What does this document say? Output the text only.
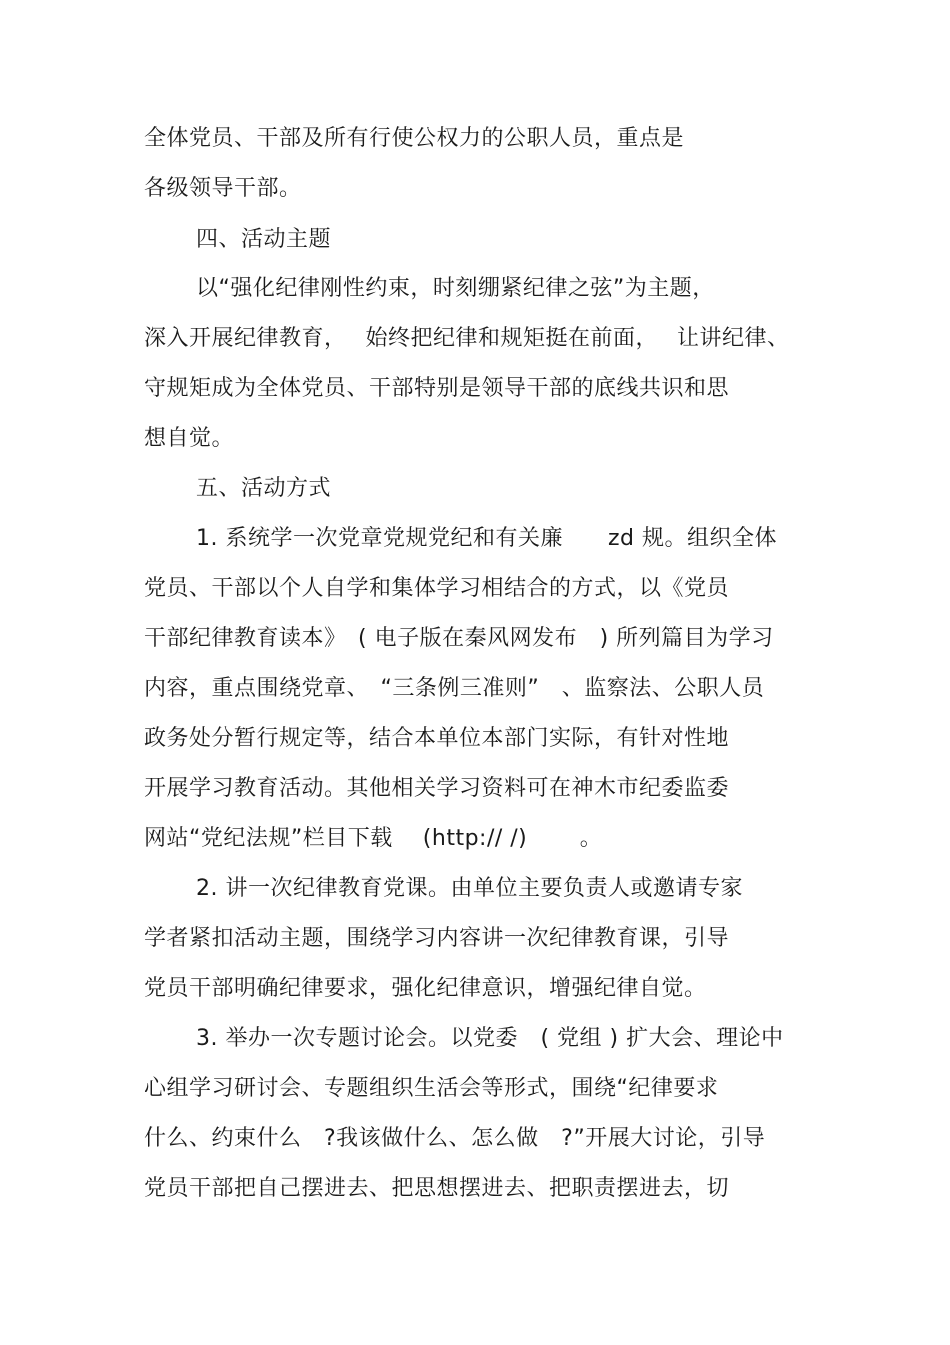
全体党员、干部及所有行使公权力的公职人员，重点是
各级领导干部。
四、活动主题
以“强化纪律刚性约束，时刻绷紧纪律之弦”为主题，
深入开展纪律教育，　 始终把纪律和规矩挺在前面，　 让讲纪律、
守规矩成为全体党员、干部特别是领导干部的底线共识和思
想自觉。
五、活动方式
1. 系统学一次党章党规党纪和有关廉　　zd 规。组织全体
党员、干部以个人自学和集体学习相结合的方式，以《党员
干部纪律教育读本》　( 电子版在秦风网发布　) 所列篇目为学习
内容，重点围绕党章、　“三条例三准则”　、监察法、公职人员
政务处分暂行规定等，结合本单位本部门实际，有针对性地
开展学习教育活动。其他相关学习资料可在神木市纪委监委
网站“党纪法规”栏目下载　 (http:// /)　　 。
2. 讲一次纪律教育党课。由单位主要负责人或邀请专家
学者紧扣活动主题，围绕学习内容讲一次纪律教育课，引导
党员干部明确纪律要求，强化纪律意识，增强纪律自觉。
3. 举办一次专题讨论会。以党委　( 党组 ) 扩大会、理论中
心组学习研讨会、专题组织生活会等形式，围绕“纪律要求
什么、约束什么　?我该做什么、怎么做　?”开展大讨论，引导
党员干部把自己摆进去、把思想摆进去、把职责摆进去，切
